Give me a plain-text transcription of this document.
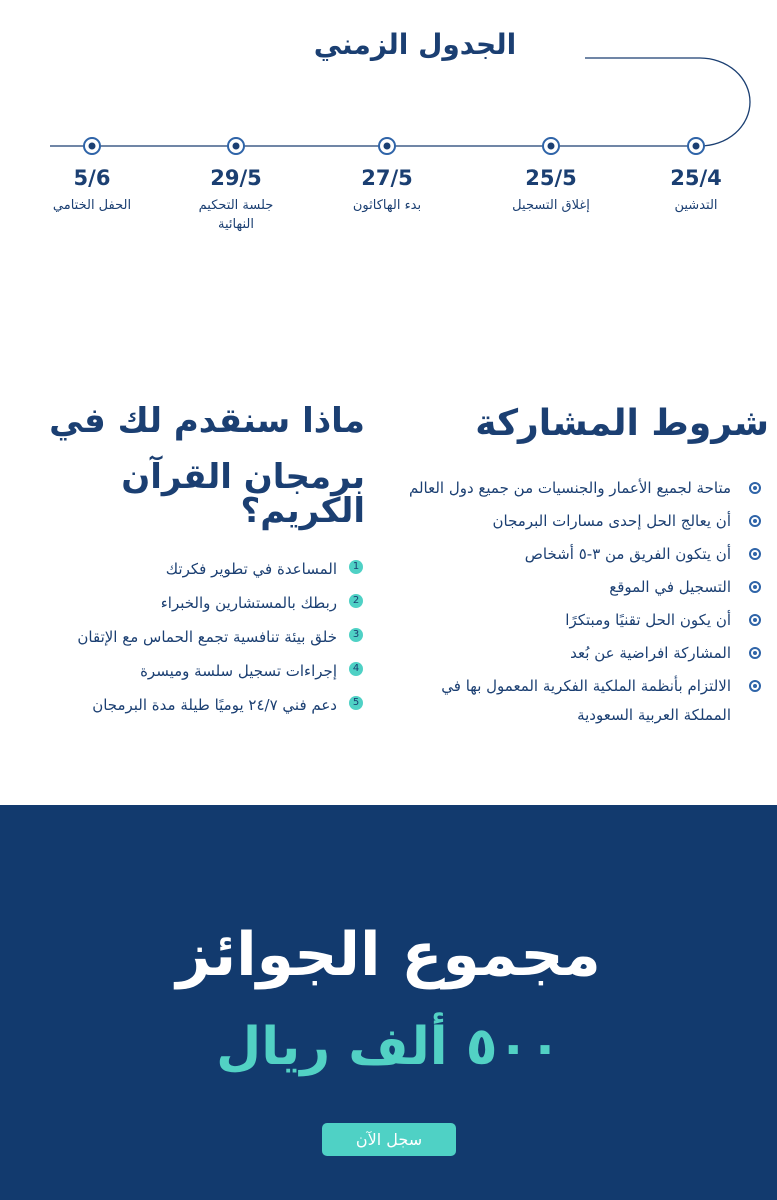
الجدول الزمني
25/4
التدشين
25/5
إغلاق التسجيل
27/5
بدء الهاكاثون
29/5
جلسة التحكيم النهائية
5/6
الحفل الختامي
شروط المشاركة
متاحة لجميع الأعمار والجنسيات من جميع دول العالم
أن يعالج الحل إحدى مسارات البرمجان
أن يتكون الفريق من ٣-٥ أشخاص
التسجيل في الموقع
أن يكون الحل تقنيًا ومبتكرًا
المشاركة افراضية عن بُعد
الالتزام بأنظمة الملكية الفكرية المعمول بها في المملكة العربية السعودية
ماذا سنقدم لك في
برمجان القرآن الكريم؟
1
المساعدة في تطوير فكرتك
2
ربطك بالمستشارين والخبراء
3
خلق بيئة تنافسية تجمع الحماس مع الإتقان
4
إجراءات تسجيل سلسة وميسرة
5
دعم فني ٢٤/٧ يوميًا طيلة مدة البرمجان
مجموع الجوائز
٥٠٠ ألف ريال
سجل الآن
